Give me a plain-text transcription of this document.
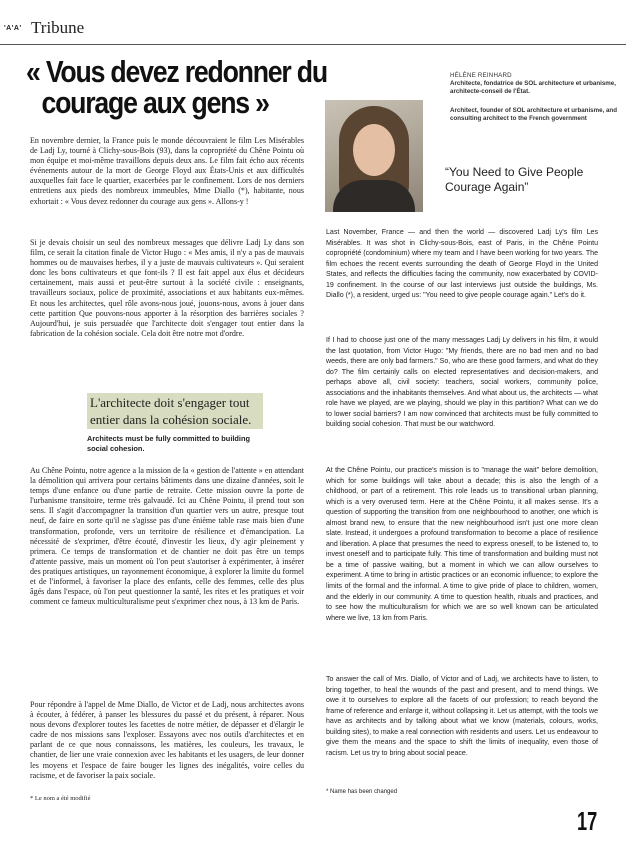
'A'A' Tribune
« Vous devez redonner du
courage aux gens »
HÉLÈNE REINHARD
Architecte, fondatrice de SOL architecture et urbanisme, architecte-conseil de l'État.
Architect, founder of SOL architecture et urbanisme, and consulting architect to the French government
“You Need to Give People Courage Again”

En novembre dernier, la France puis le monde découvraient le film Les Misérables de Ladj Ly, tourné à Clichy-sous-Bois (93), dans la copropriété du Chêne Pointu où mon équipe et moi-même travaillons depuis deux ans. Le film fait écho aux récents événements autour de la mort de George Floyd aux États-Unis et aux difficultés auxquelles fait face le quartier, exacerbées par le confinement. Lors de nos derniers entretiens aux pieds des nombreux immeubles, Mme Diallo (*), habitante, nous exhortait : « Vous devez redonner du courage aux gens ». Allons-y !

Si je devais choisir un seul des nombreux messages que délivre Ladj Ly dans son film, ce serait la citation finale de Victor Hugo : « Mes amis, il n'y a pas de mauvais hommes ou de mauvaises herbes, il y a juste de mauvais cultivateurs ». Qui seraient donc les bons cultivateurs et que font-ils ? Il est fait appel aux élus et décideurs certainement, mais aussi et peut-être surtout à la société civile : enseignants, travailleurs sociaux, police de proximité, associations et aux habitants eux-mêmes. Et nous les architectes, quel rôle avons-nous joué, jouons-nous, avons à jouer dans cette partition Que pouvons-nous apporter à la résorption des barrières sociales ? Aujourd'hui, je suis persuadée que l'architecte doit s'engager tout entier dans la fabrication de la cohésion sociale. Cela doit être notre mot d'ordre.

L'architecte doit s'engager tout entier dans la cohésion sociale.
Architects must be fully committed to building social cohesion.

Au Chêne Pointu, notre agence a la mission de la « gestion de l'attente » en attendant la démolition qui arrivera pour certains bâtiments dans une dizaine d'années, soit le temps d'une enfance ou d'une partie de retraite. Cette mission ouvre la porte de l'urbanisme transitoire, terme très galvaudé. Ici au Chêne Pointu, il prend tout son sens. Il s'agit d'accompagner la transition d'un quartier vers un autre, presque tout neuf, de faire en sorte qu'il ne s'agisse pas d'une énième table rase mais bien d'une transformation, profonde, vers un territoire de résilience et d'émancipation. La nécessité de s'exprimer, d'être écouté, d'investir les lieux, d'y agir pleinement y primera. Ce temps de transformation et de chantier ne doit pas être un temps d'attente passive, mais un moment où l'on peut s'autoriser à expérimenter, à insérer des pratiques artistiques, un rayonnement économique, à explorer la limite du formel et de l'informel, à favoriser la place des enfants, celle des femmes, celle des plus âgés dans l'espace, où l'on peut questionner la santé, les rites et les pratiques et voir comment ce fameux multiculturalisme peut s'exprimer chez nous, à 13 km de Paris.

Pour répondre à l'appel de Mme Diallo, de Victor et de Ladj, nous architectes avons à écouter, à fédérer, à panser les blessures du passé et du présent, à réparer. Nous nous devons d'explorer toutes les facettes de notre métier, de dépasser et d'élargir le cadre de nos missions sans l'exploser. Essayons avec nos outils d'architectes et en parlant de ce que nous connaissons, les matières, les couleurs, les travaux, le chantier, de lier une vraie connexion avec les habitants et les usagers, de leur donner les moyens et l'espace de faire bouger les lignes des inégalités, voire celles du racisme, et de favoriser la paix sociale.

* Le nom a été modifié

Last November, France — and then the world — discovered Ladj Ly's film Les Misérables. It was shot in Clichy-sous-Bois, east of Paris, in the Chêne Pointu copropriété (condominium) where my team and I have been working for two years. The film echoes the recent events surrounding the death of George Floyd in the United States, and reflects the difficulties facing the community, now exacerbated by COVID-19 confinement. In the course of our last interviews just outside the buildings, Ms. Diallo (*), a resident, urged us: "You need to give people courage again." Let's do it.

If I had to choose just one of the many messages Ladj Ly delivers in his film, it would the last quotation, from Victor Hugo: "My friends, there are no bad men and no bad weeds, there are only bad farmers." So, who are these good farmers, and what do they do? The film certainly calls on elected representatives and decision-makers, and perhaps above all, civil society: teachers, social workers, community police, associations and the inhabitants themselves. And what about us, the architects — what role have we played, are we playing, should we play in this partition? What can we do to lower social barriers? I am now convinced that architects must be fully committed to building social cohesion. That must be our watchword.

At the Chêne Pointu, our practice's mission is to "manage the wait" before demolition, which for some buildings will take about a decade; this is also the length of a childhood, or part of a retirement. This role leads us to transitional urban planning, which is a very overused term. Here at the Chêne Pointu, it all makes sense. It's a question of supporting the transition from one neighbourhood to another, one which is almost brand new, to ensure that the new neighbourhood isn't just one more clean slate. Instead, it undergoes a profound transformation to become a place of resilience and liberation. A place that presumes the need to express oneself, to be listened to, to invest oneself and to participate fully. This time of transformation and building must not be a time of passive waiting, but a moment in which we can allow ourselves to experiment. A time to bring in artistic practices or an economic influence; to explore the limits of the formal and the informal. A time to give pride of place to children, women, and the elderly in our community. A time to question health, rituals and practices, and to see how the multiculturalism for which we are so well known can be articulated where we live, 13 km from Paris.

To answer the call of Mrs. Diallo, of Victor and of Ladj, we architects have to listen, to bring together, to heal the wounds of the past and present, and to mend things. We owe it to ourselves to explore all the facets of our profession; to reach beyond the frame of reference and enlarge it, without collapsing it. Let us attempt, with the tools we have as architects and by talking about what we know (materials, colours, works, building sites), to make a real connection with residents and users. Let us endeavour to give them the means and the space to shift the limits of inequality, even those of racism. Let us try to bring about social peace.

* Name has been changed
17
